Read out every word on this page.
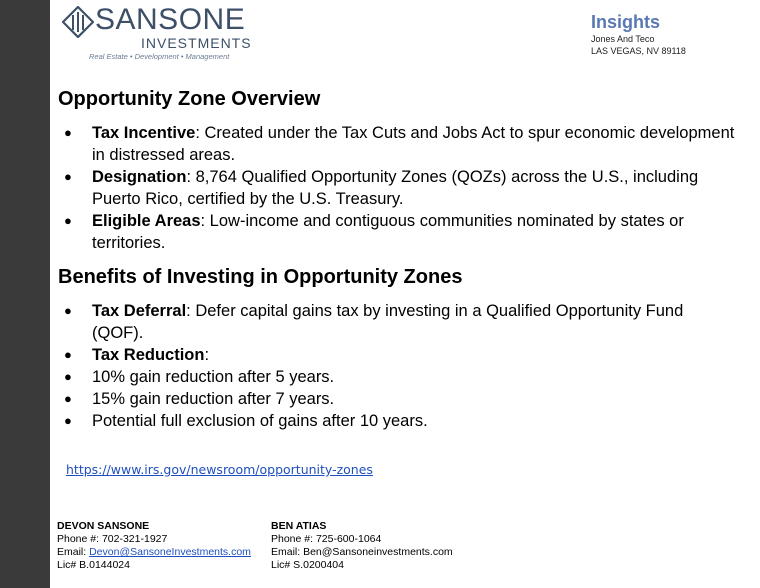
SANSONE
INVESTMENTS
Real Estate • Development • Management
Insights
Jones And Teco
LAS VEGAS, NV 89118
Opportunity Zone Overview
● Tax Incentive: Created under the Tax Cuts and Jobs Act to spur economic development in distressed areas.
● Designation: 8,764 Qualified Opportunity Zones (QOZs) across the U.S., including Puerto Rico, certified by the U.S. Treasury.
● Eligible Areas: Low-income and contiguous communities nominated by states or territories.
Benefits of Investing in Opportunity Zones
● Tax Deferral: Defer capital gains tax by investing in a Qualified Opportunity Fund (QOF).
● Tax Reduction:
● 10% gain reduction after 5 years.
● 15% gain reduction after 7 years.
● Potential full exclusion of gains after 10 years.
https://www.irs.gov/newsroom/opportunity-zones
DEVON SANSONE
Phone #: 702-321-1927
Email: Devon@SansoneInvestments.com
Lic# B.0144024
BEN ATIAS
Phone #: 725-600-1064
Email: Ben@Sansoneinvestments.com
Lic# S.0200404
